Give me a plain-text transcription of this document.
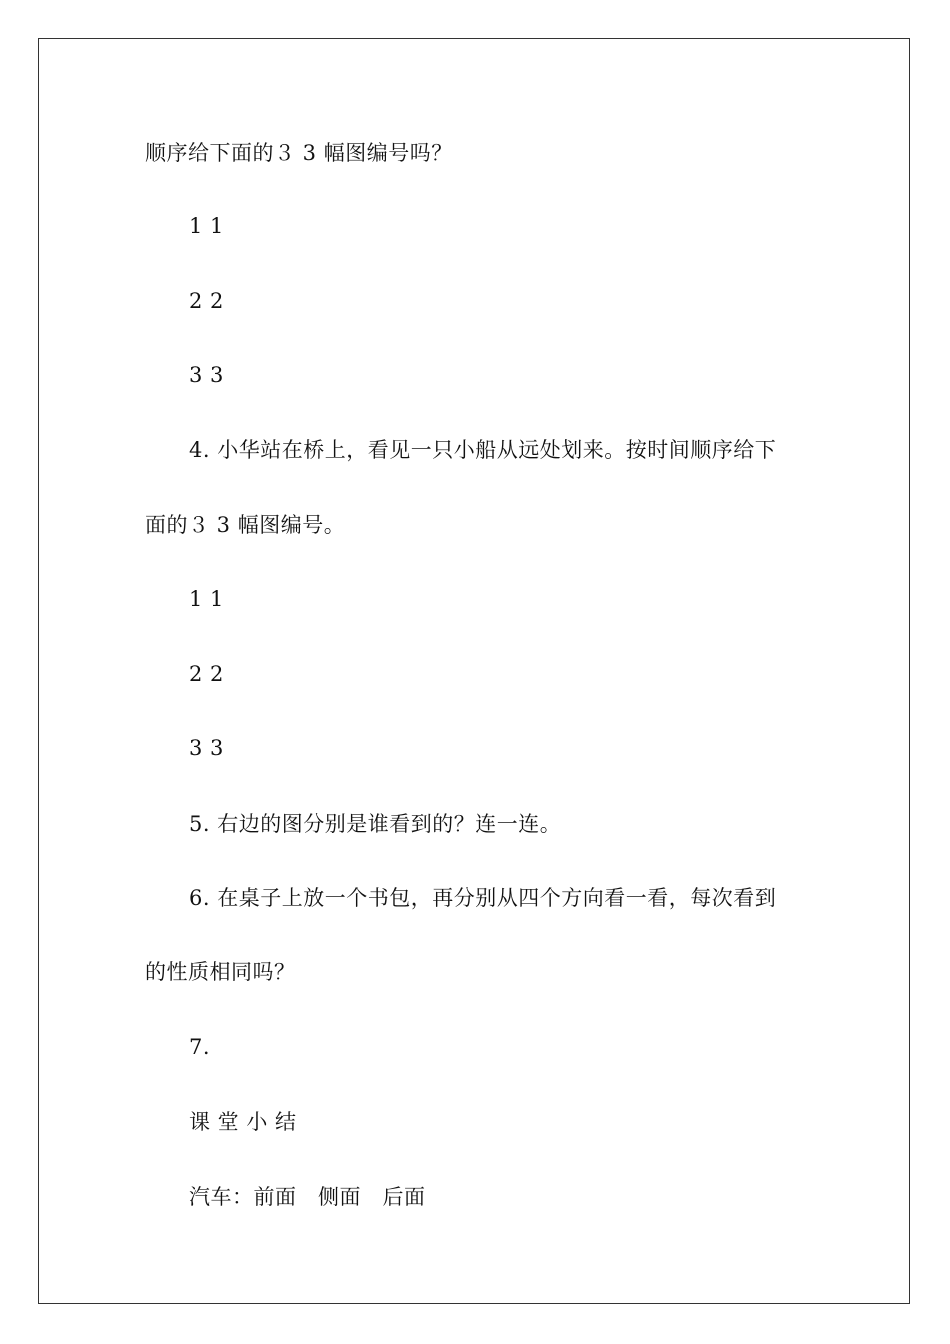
顺序给下面的３ 3 幅图编号吗？
1 1
2 2
3 3
4. 小华站在桥上，看见一只小船从远处划来。按时间顺序给下
面的３ 3 幅图编号。
1 1
2 2
3 3
5. 右边的图分别是谁看到的？连一连。
6. 在桌子上放一个书包，再分别从四个方向看一看，每次看到
的性质相同吗？
7.
课 堂 小 结
汽车：前面　侧面　后面
